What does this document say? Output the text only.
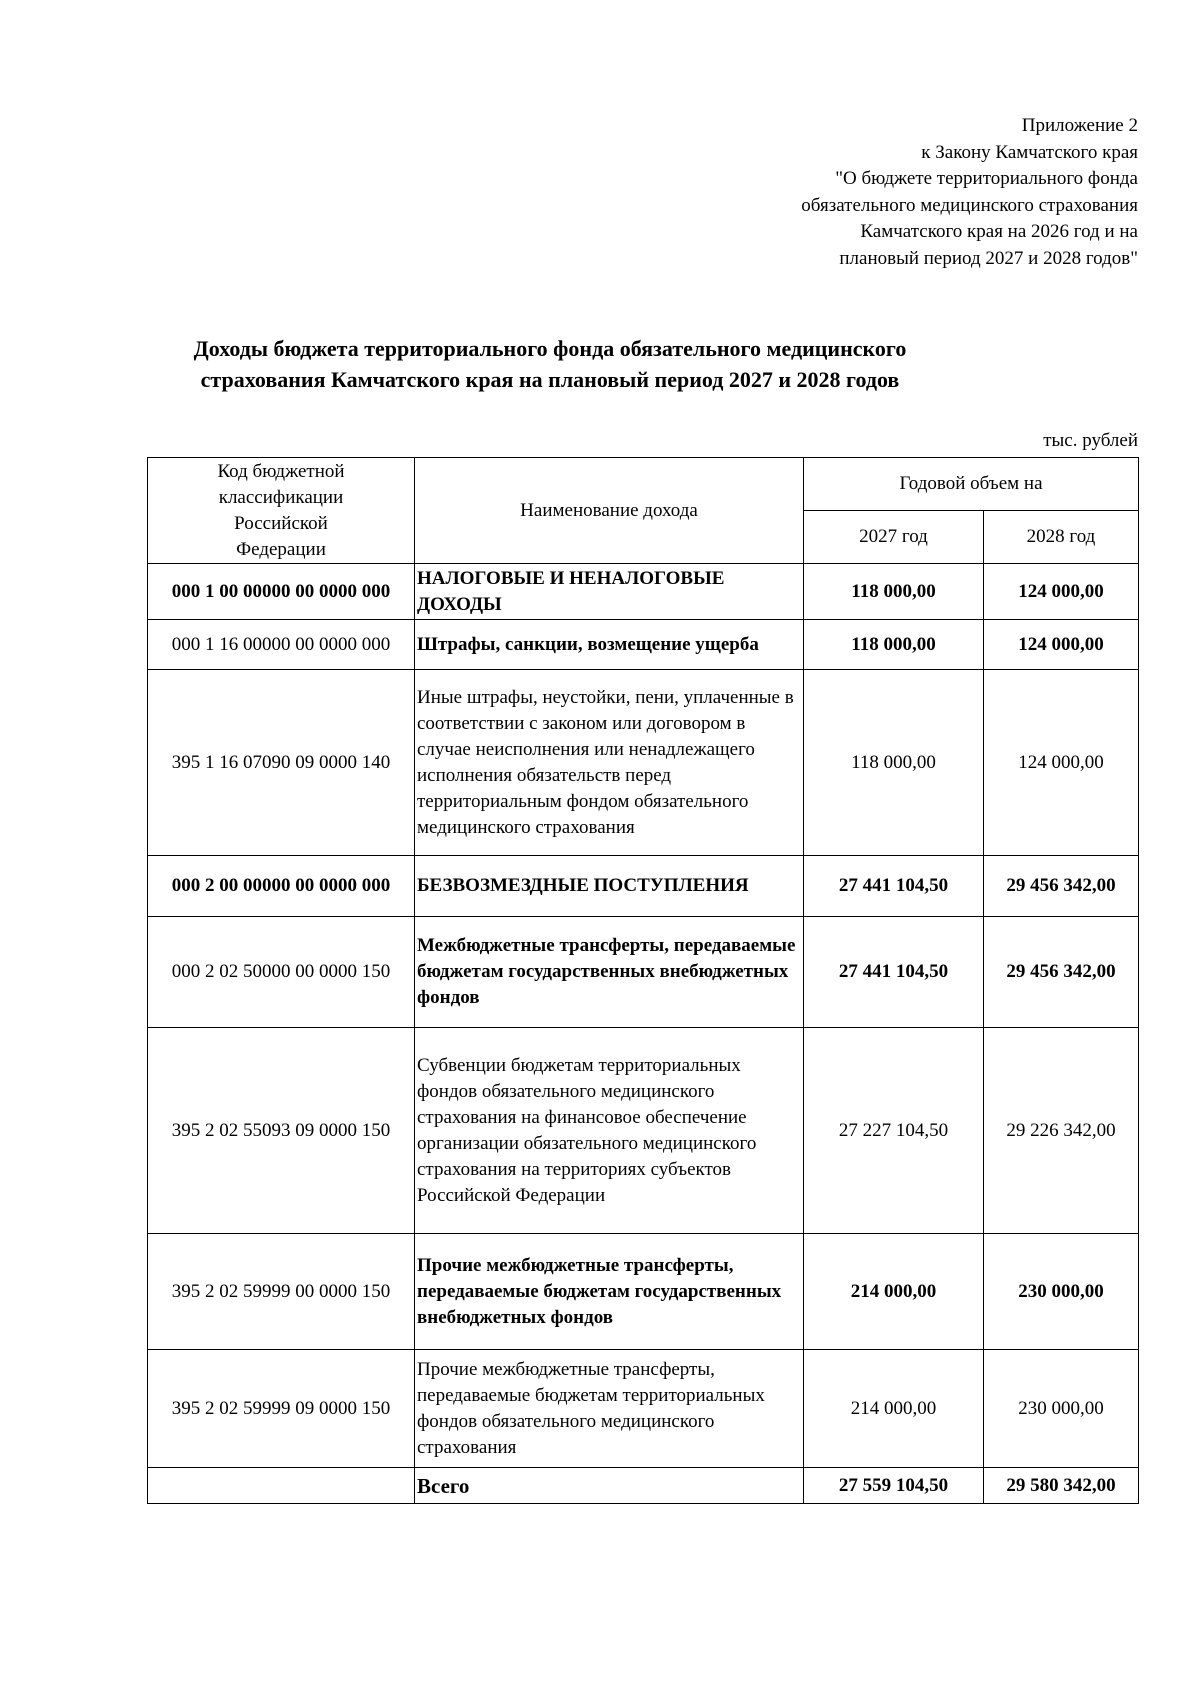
Приложение 2
к Закону Камчатского края
"О бюджете территориального фонда
обязательного медицинского страхования
Камчатского края на 2026 год и на
плановый период 2027 и 2028 годов"
Доходы бюджета территориального фонда обязательного медицинского
страхования Камчатского края на плановый период 2027 и 2028 годов
тыс. рублей
Код бюджетной классификации Российской Федерации	Наименование дохода	Годовой объем на	
		2027 год	2028 год
000 1 00 00000 00 0000 000	НАЛОГОВЫЕ И НЕНАЛОГОВЫЕ ДОХОДЫ	118 000,00	124 000,00
000 1 16 00000 00 0000 000	Штрафы, санкции, возмещение ущерба	118 000,00	124 000,00
395 1 16 07090 09 0000 140	Иные штрафы, неустойки, пени, уплаченные в соответствии с законом или договором в случае неисполнения или ненадлежащего исполнения обязательств перед территориальным фондом обязательного медицинского страхования	118 000,00	124 000,00
000 2 00 00000 00 0000 000	БЕЗВОЗМЕЗДНЫЕ ПОСТУПЛЕНИЯ	27 441 104,50	29 456 342,00
000 2 02 50000 00 0000 150	Межбюджетные трансферты, передаваемые бюджетам государственных внебюджетных фондов	27 441 104,50	29 456 342,00
395 2 02 55093 09 0000 150	Субвенции бюджетам территориальных фондов обязательного медицинского страхования на финансовое обеспечение организации обязательного медицинского страхования на территориях субъектов Российской Федерации	27 227 104,50	29 226 342,00
395 2 02 59999 00 0000 150	Прочие межбюджетные трансферты, передаваемые бюджетам государственных внебюджетных фондов	214 000,00	230 000,00
395 2 02 59999 09 0000 150	Прочие межбюджетные трансферты, передаваемые бюджетам территориальных фондов обязательного медицинского страхования	214 000,00	230 000,00
	Всего	27 559 104,50	29 580 342,00
